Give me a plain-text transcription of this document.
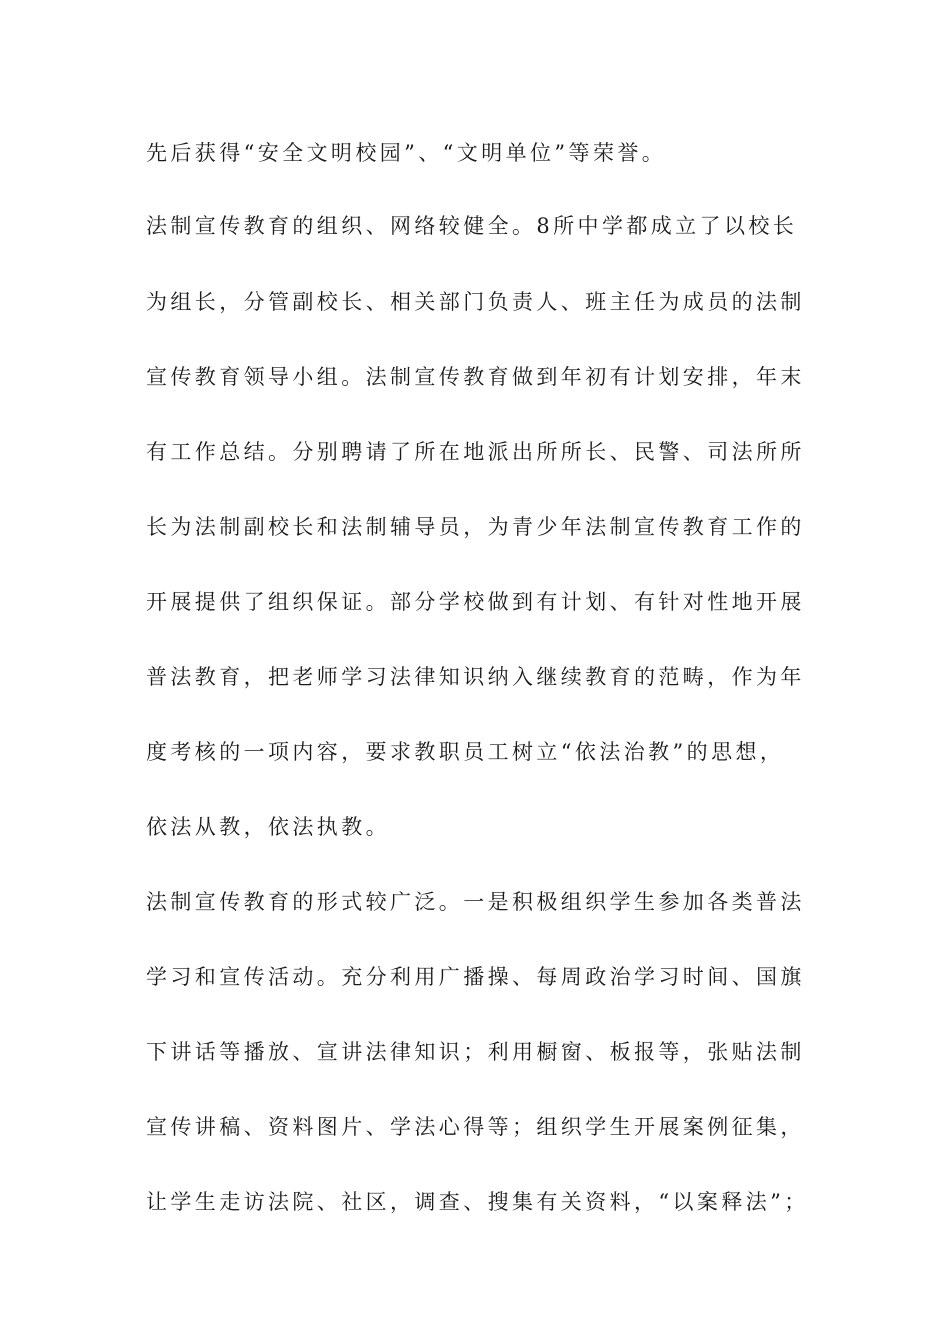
先后获得“安全文明校园”、“文明单位”等荣誉。
法制宣传教育的组织、网络较健全。8所中学都成立了以校长
为组长，分管副校长、相关部门负责人、班主任为成员的法制
宣传教育领导小组。法制宣传教育做到年初有计划安排，年末
有工作总结。分别聘请了所在地派出所所长、民警、司法所所
长为法制副校长和法制辅导员，为青少年法制宣传教育工作的
开展提供了组织保证。部分学校做到有计划、有针对性地开展
普法教育，把老师学习法律知识纳入继续教育的范畴，作为年
度考核的一项内容，要求教职员工树立“依法治教”的思想，
依法从教，依法执教。
法制宣传教育的形式较广泛。一是积极组织学生参加各类普法
学习和宣传活动。充分利用广播操、每周政治学习时间、国旗
下讲话等播放、宣讲法律知识；利用橱窗、板报等，张贴法制
宣传讲稿、资料图片、学法心得等；组织学生开展案例征集，
让学生走访法院、社区，调查、搜集有关资料，“以案释法”；
